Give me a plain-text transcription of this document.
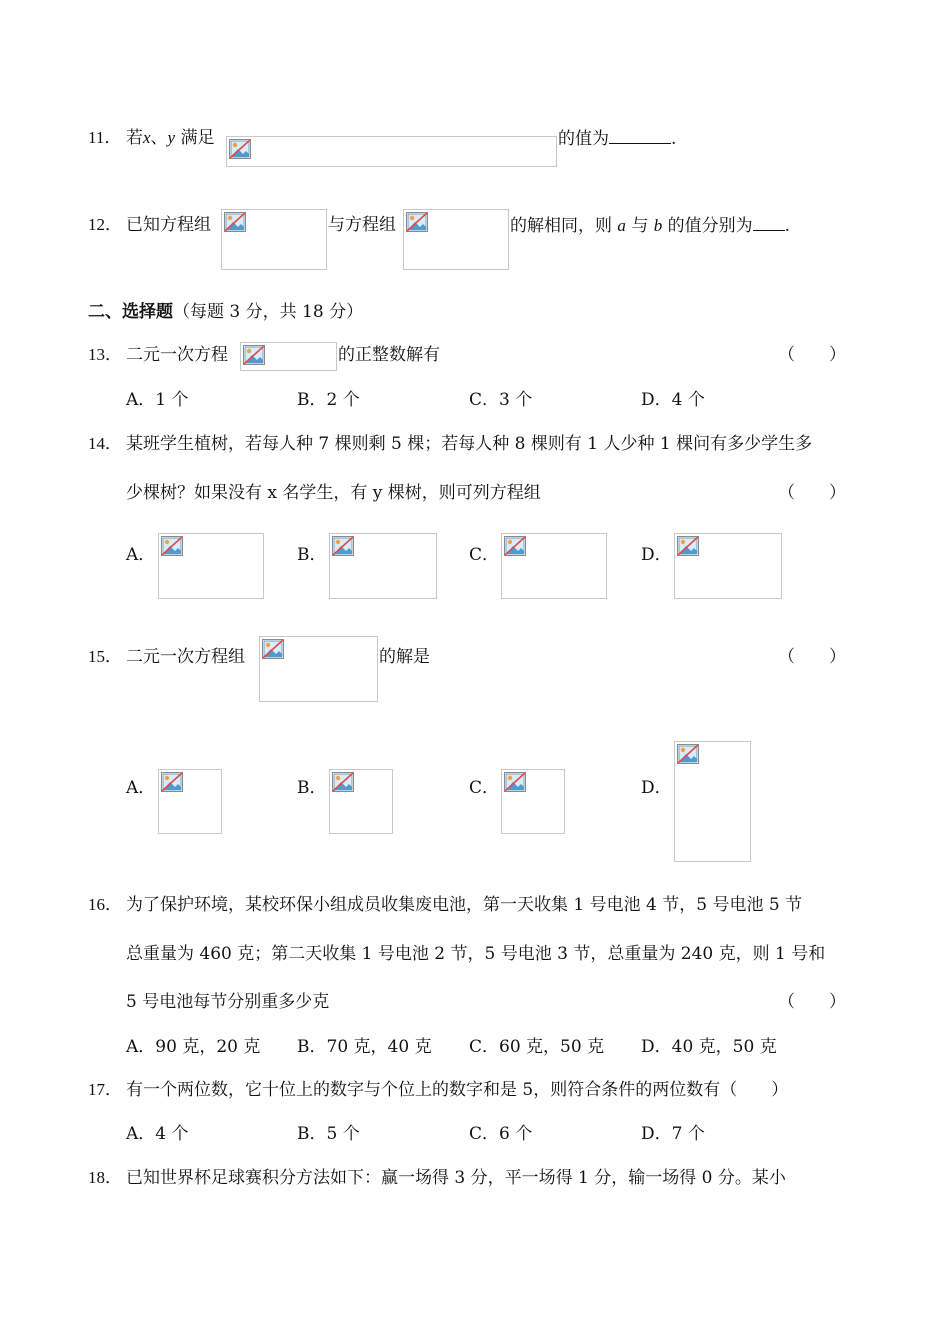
11． 若x、y 满足	的值为	.
12． 已知方程组	与方程组	的解相同，则 a 与 b 的值分别为 .
二、选择题（每题 3 分，共 18 分）
13． 二元一次方程	的正整数解有	（　　）
A．1 个	B．2 个	C．3 个	D．4 个
14． 某班学生植树，若每人种 7 棵则剩 5 棵；若每人种 8 棵则有 1 人少种 1 棵问有多少学生多
少棵树？如果没有 x 名学生，有 y 棵树，则可列方程组	（　　）
A．	B．	C．	D．
15． 二元一次方程组	的解是	（　　）
A．	B．	C．	D．
16． 为了保护环境，某校环保小组成员收集废电池，第一天收集 1 号电池 4 节，5 号电池 5 节
总重量为 460 克；第二天收集 1 号电池 2 节，5 号电池 3 节，总重量为 240 克，则 1 号和
5 号电池每节分别重多少克	（　　）
A．90 克，20 克 B．70 克，40 克 C．60 克，50 克 D．40 克，50 克
17． 有一个两位数，它十位上的数字与个位上的数字和是 5，则符合条件的两位数有（　　）
A．4 个	B．5 个	C．6 个	D．7 个
18． 已知世界杯足球赛积分方法如下：赢一场得 3 分，平一场得 1 分，输一场得 0 分。某小
